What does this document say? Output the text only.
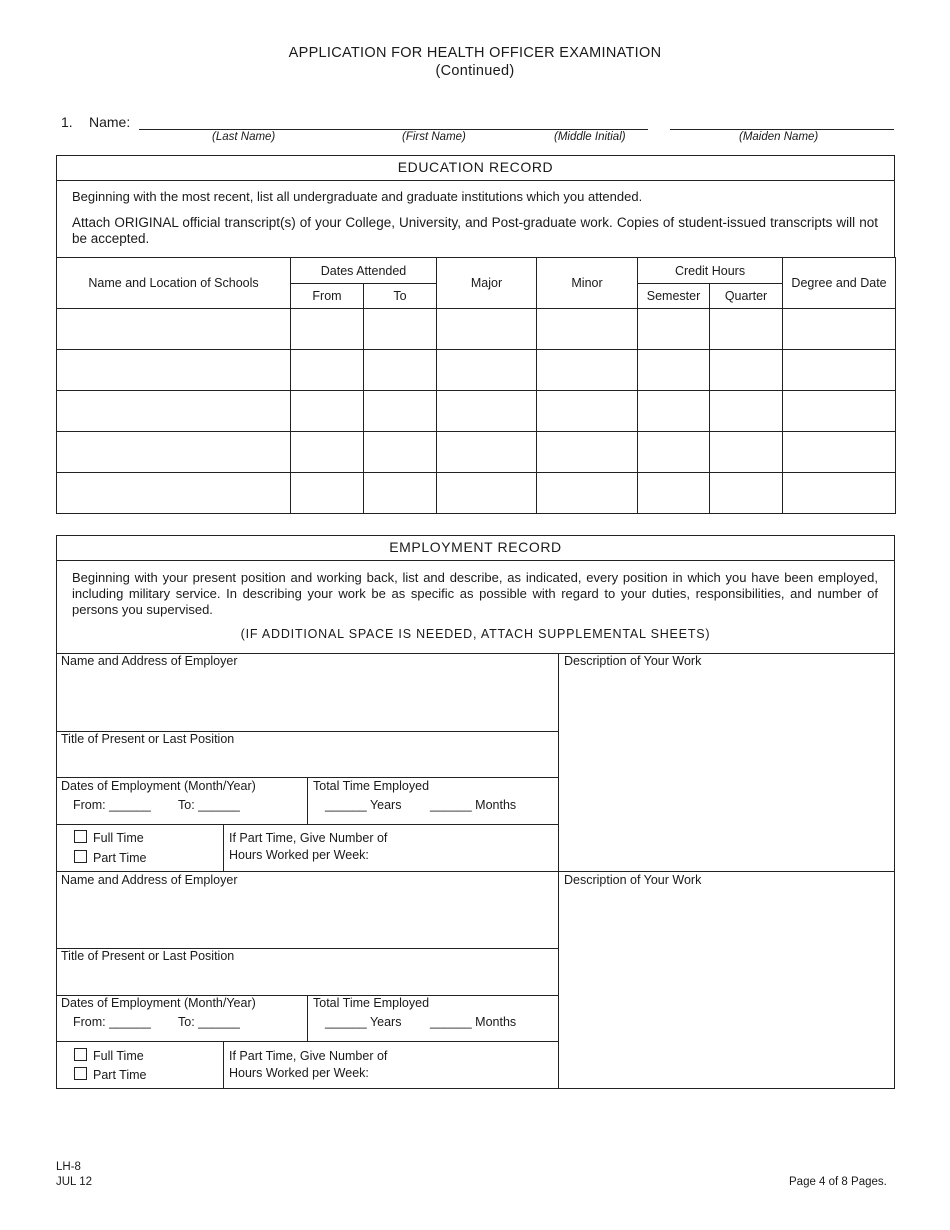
APPLICATION FOR HEALTH OFFICER EXAMINATION
(Continued)
1. Name:
(Last Name)	(First Name)	(Middle Initial)	(Maiden Name)
EDUCATION RECORD
Beginning with the most recent, list all undergraduate and graduate institutions which you attended.
Attach ORIGINAL official transcript(s) of your College, University, and Post-graduate work. Copies of student-issued transcripts will not be accepted.
Name and Location of Schools	Dates Attended		Major	Minor	Credit Hours		Degree and Date
	From	To			Semester	Quarter	

EMPLOYMENT RECORD
Beginning with your present position and working back, list and describe, as indicated, every position in which you have been employed, including military service. In describing your work be as specific as possible with regard to your duties, responsibilities, and number of persons you supervised.
(IF ADDITIONAL SPACE IS NEEDED, ATTACH SUPPLEMENTAL SHEETS)
Name and Address of Employer	Description of Your Work
Title of Present or Last Position
Dates of Employment (Month/Year)
From: ______ To: ______
Total Time Employed
______ Years ______ Months
Full Time
Part Time
If Part Time, Give Number of
Hours Worked per Week:
Name and Address of Employer	Description of Your Work
Title of Present or Last Position
Dates of Employment (Month/Year)
From: ______ To: ______
Total Time Employed
______ Years ______ Months
Full Time
Part Time
If Part Time, Give Number of
Hours Worked per Week:
LH-8
JUL 12	Page 4 of 8 Pages.
